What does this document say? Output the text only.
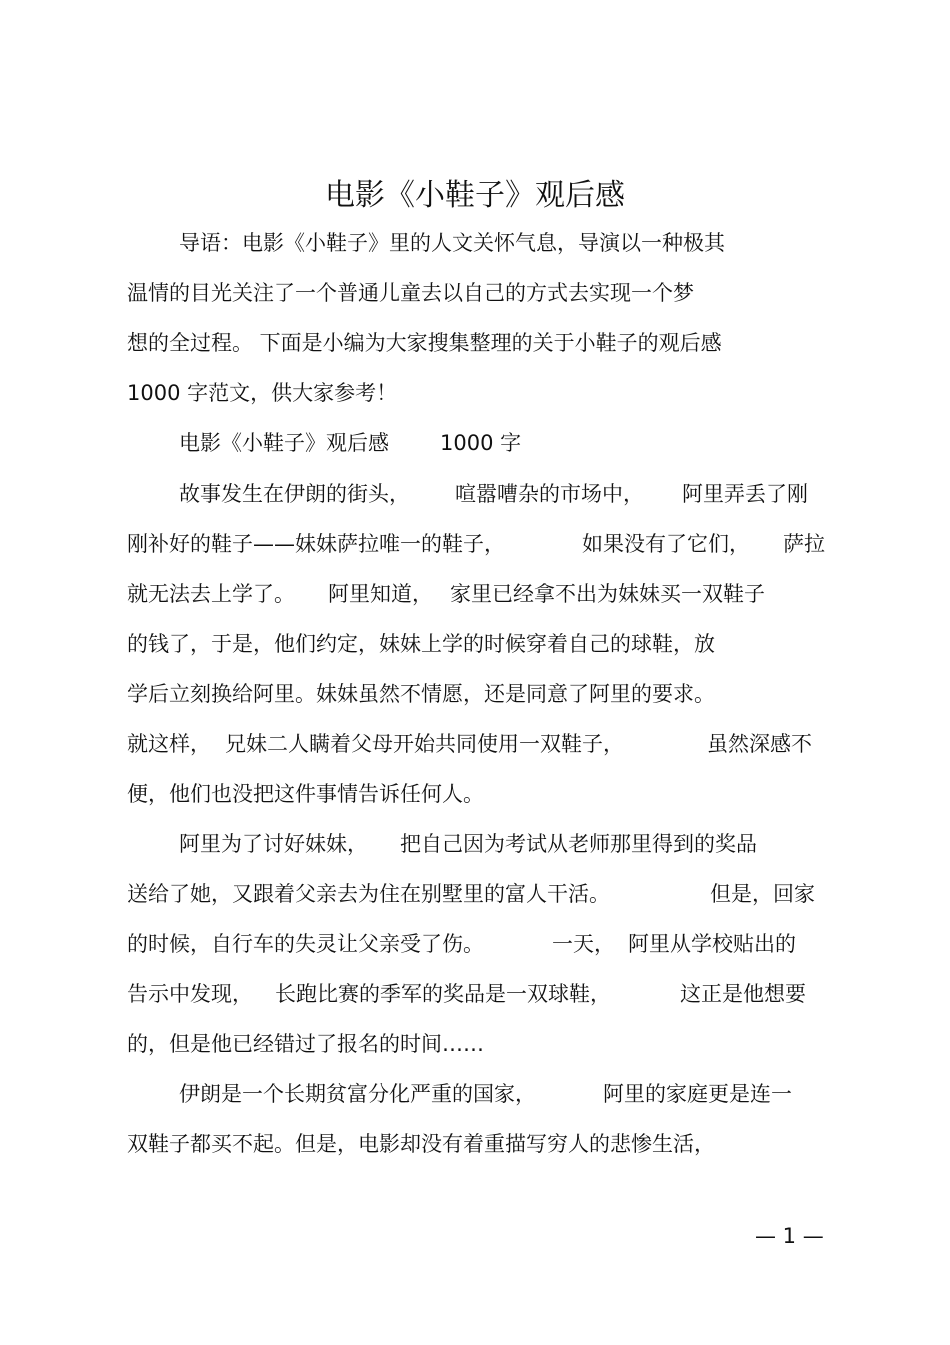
电影《小鞋子》观后感
导语：电影《小鞋子》里的人文关怀气息，导演以一种极其
温情的目光关注了一个普通儿童去以自己的方式去实现一个梦
想的全过程。 下面是小编为大家搜集整理的关于小鞋子的观后感
1000 字范文，供大家参考！
电影《小鞋子》观后感 1000 字
故事发生在伊朗的街头， 喧嚣嘈杂的市场中， 阿里弄丢了刚
刚补好的鞋子——妹妹萨拉唯一的鞋子，	如果没有了它们， 萨拉
就无法去上学了。 阿里知道， 家里已经拿不出为妹妹买一双鞋子
的钱了，于是，他们约定，妹妹上学的时候穿着自己的球鞋，放
学后立刻换给阿里。妹妹虽然不情愿，还是同意了阿里的要求。
就这样， 兄妹二人瞒着父母开始共同使用一双鞋子，	虽然深感不
便，他们也没把这件事情告诉任何人。
阿里为了讨好妹妹， 把自己因为考试从老师那里得到的奖品
送给了她，又跟着父亲去为住在别墅里的富人干活。	但是，回家
的时候，自行车的失灵让父亲受了伤。	一天， 阿里从学校贴出的
告示中发现， 长跑比赛的季军的奖品是一双球鞋，	这正是他想要
的，但是他已经错过了报名的时间……
伊朗是一个长期贫富分化严重的国家，	阿里的家庭更是连一
双鞋子都买不起。但是，电影却没有着重描写穷人的悲惨生活，
— 1 —
